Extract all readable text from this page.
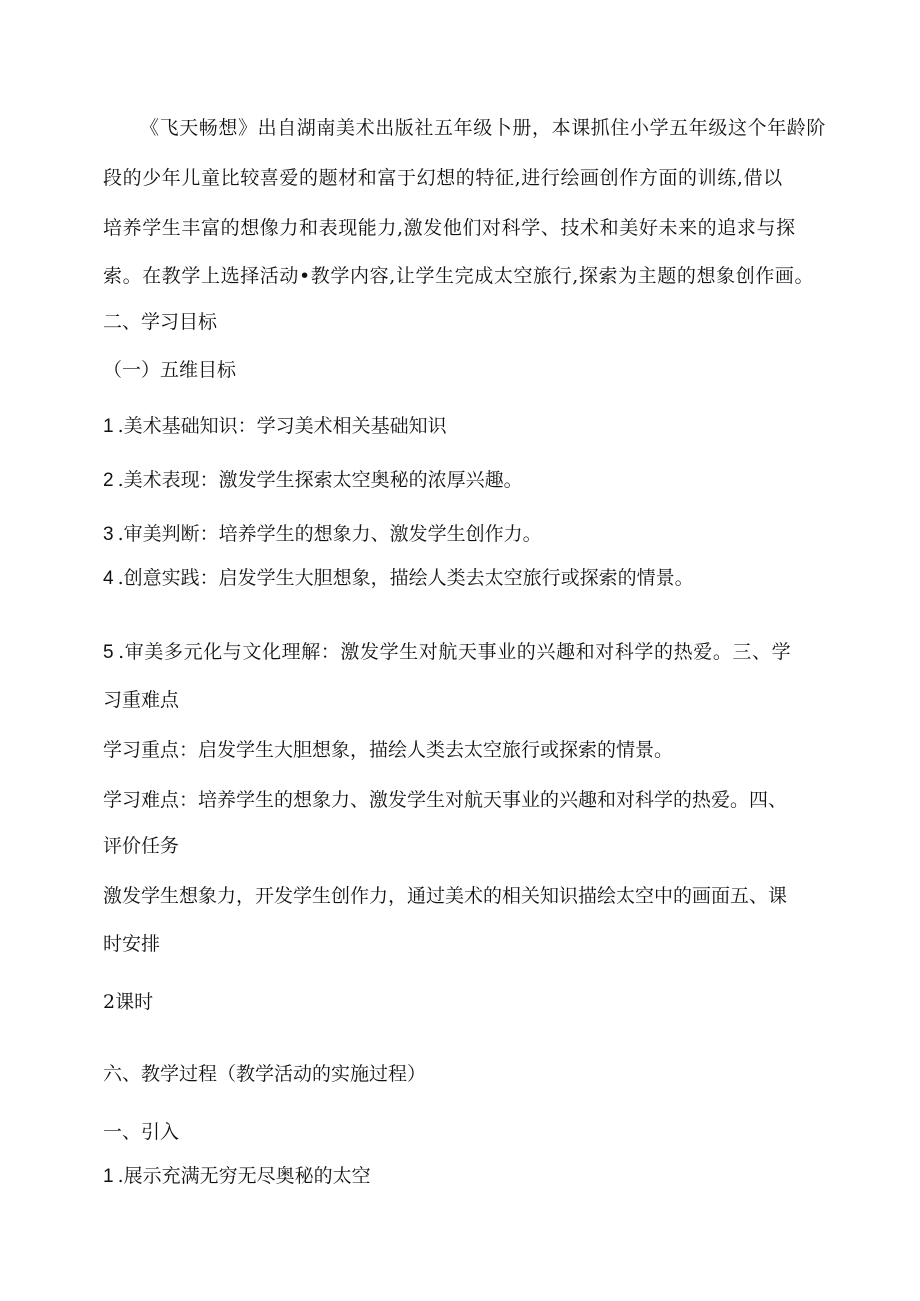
《飞天畅想》出自湖南美术出版社五年级卜册，本课抓住小学五年级这个年龄阶
段的少年儿童比较喜爱的题材和富于幻想的特征,进行绘画创作方面的训练,借以
培养学生丰富的想像力和表现能力,激发他们对科学、技术和美好未来的追求与探
索。在教学上选择活动•教学内容,让学生完成太空旅行,探索为主题的想象创作画。
二、学习目标
（一）五维目标
1 .美术基础知识：学习美术相关基础知识
2 .美术表现：激发学生探索太空奥秘的浓厚兴趣。
3 .审美判断：培养学生的想象力、激发学生创作力。
4 .创意实践：启发学生大胆想象，描绘人类去太空旅行或探索的情景。
5 .审美多元化与文化理解：激发学生对航天事业的兴趣和对科学的热爱。三、学
习重难点
学习重点：启发学生大胆想象，描绘人类去太空旅行或探索的情景。
学习难点：培养学生的想象力、激发学生对航天事业的兴趣和对科学的热爱。四、
评价任务
激发学生想象力，开发学生创作力，通过美术的相关知识描绘太空中的画面五、课
时安排
2课时
六、教学过程（教学活动的实施过程）
一、引入
1 .展示充满无穷无尽奥秘的太空
